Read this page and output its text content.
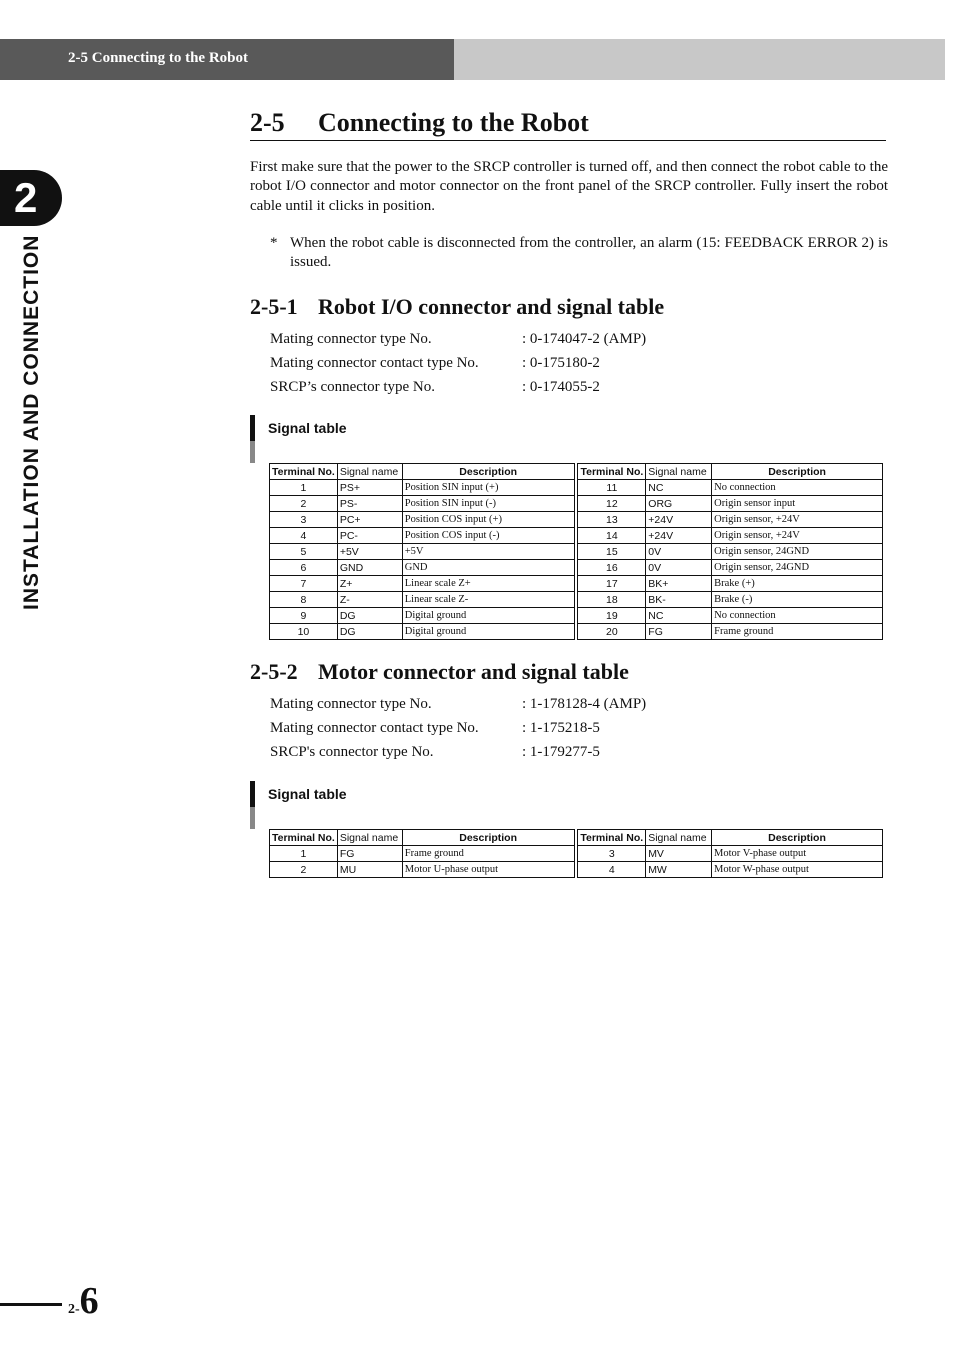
2-5 Connecting to the Robot
2
INSTALLATION AND CONNECTION
2-5 Connecting to the Robot
First make sure that the power to the SRCP controller is turned off, and then connect the robot cable to the robot I/O connector and motor connector on the front panel of the SRCP controller. Fully insert the robot cable until it clicks in position.
* When the robot cable is disconnected from the controller, an alarm (15: FEEDBACK ERROR 2) is issued.
2-5-1 Robot I/O connector and signal table
Mating connector type No.	: 0-174047-2 (AMP)
Mating connector contact type No.	: 0-175180-2
SRCP’s connector type No.	: 0-174055-2
Signal table
Terminal No.	Signal name	Description		Terminal No.	Signal name	Description
1	PS+	Position SIN input (+)		11	NC	No connection
2	PS-	Position SIN input (-)		12	ORG	Origin sensor input
3	PC+	Position COS input (+)		13	+24V	Origin sensor, +24V
4	PC-	Position COS input (-)		14	+24V	Origin sensor, +24V
5	+5V	+5V		15	0V	Origin sensor, 24GND
6	GND	GND		16	0V	Origin sensor, 24GND
7	Z+	Linear scale Z+		17	BK+	Brake (+)
8	Z-	Linear scale Z-		18	BK-	Brake (-)
9	DG	Digital ground		19	NC	No connection
10	DG	Digital ground		20	FG	Frame ground
2-5-2 Motor connector and signal table
Mating connector type No.	: 1-178128-4 (AMP)
Mating connector contact type No.	: 1-175218-5
SRCP's connector type No.	: 1-179277-5
Signal table
Terminal No.	Signal name	Description		Terminal No.	Signal name	Description
1	FG	Frame ground		3	MV	Motor V-phase output
2	MU	Motor U-phase output		4	MW	Motor W-phase output
2-6
